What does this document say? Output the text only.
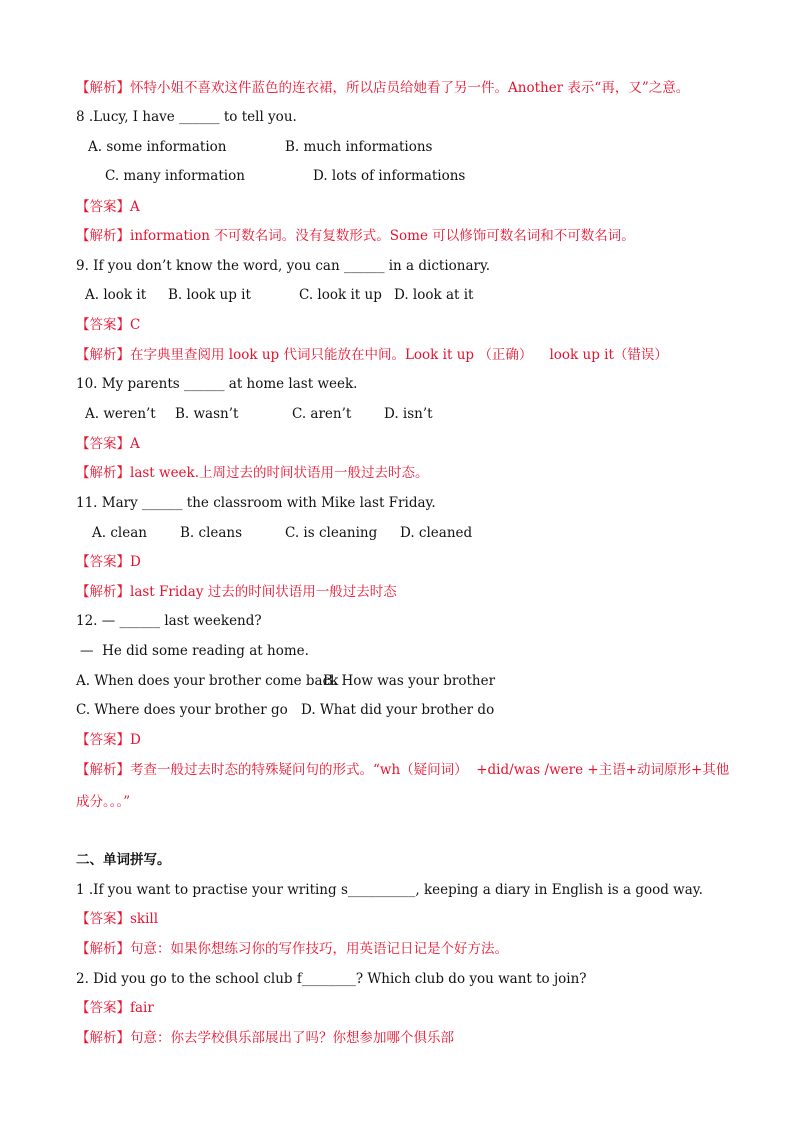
【解析】怀特小姐不喜欢这件蓝色的连衣裙，所以店员给她看了另一件。Another 表示“再，又”之意。
8 .Lucy, I have ______ to tell you.
A. some information	B. much informations
C. many information	D. lots of informations
【答案】A
【解析】information 不可数名词。没有复数形式。Some 可以修饰可数名词和不可数名词。
9. If you don’t know the word, you can ______ in a dictionary.
A. look it B. look up it	C. look it up D. look at it
【答案】C
【解析】在字典里查阅用 look up 代词只能放在中间。Look it up （正确）    look up it（错误）
10. My parents ______ at home last week.
A. weren’t B. wasn’t	C. aren’t D. isn’t
【答案】A
【解析】last week.上周过去的时间状语用一般过去时态。
11. Mary ______ the classroom with Mike last Friday.
A. clean B. cleans	C. is cleaning D. cleaned
【答案】D
【解析】last Friday 过去的时间状语用一般过去时态
12. — ______ last weekend?
—  He did some reading at home.
A. When does your brother come back
B. How was your brother
C. Where does your brother go D. What did your brother do
【答案】D
【解析】考查一般过去时态的特殊疑问句的形式。“wh（疑问词）  +did/was /were +主语+动词原形+其他
成分。。。”
二、单词拼写。
1 .If you want to practise your writing s__________, keeping a diary in English is a good way.
【答案】skill
【解析】句意：如果你想练习你的写作技巧，用英语记日记是个好方法。
2. Did you go to the school club f________? Which club do you want to join?
【答案】fair
【解析】句意：你去学校俱乐部展出了吗？你想参加哪个俱乐部
